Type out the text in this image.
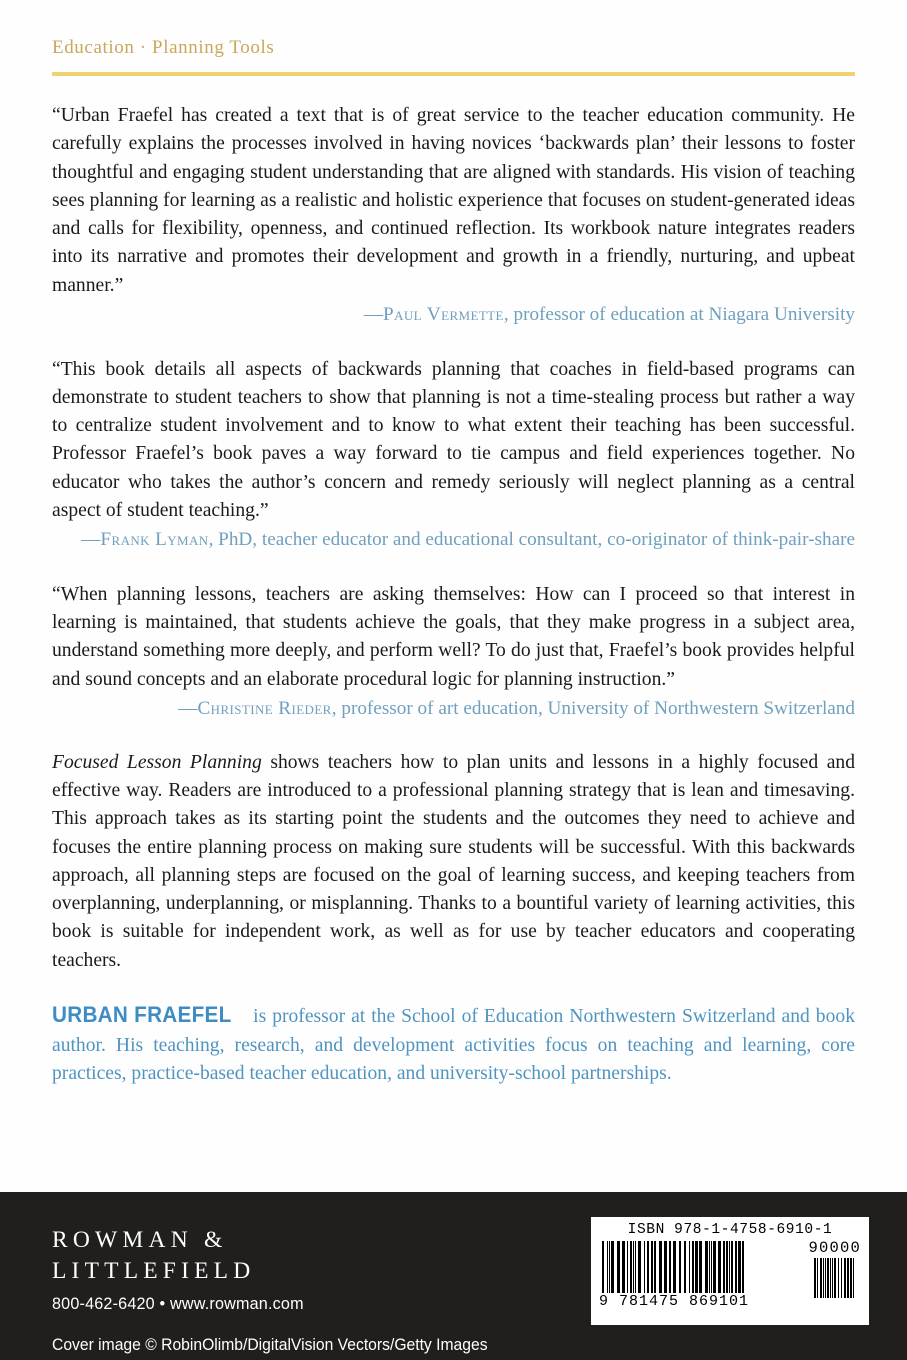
Education · Planning Tools

“Urban Fraefel has created a text that is of great service to the teacher education community. He carefully explains the processes involved in having novices ‘backwards plan’ their lessons to foster thoughtful and engaging student understanding that are aligned with standards. His vision of teaching sees planning for learning as a realistic and holistic experience that focuses on student-generated ideas and calls for flexibility, openness, and continued reflection. Its workbook nature integrates readers into its narrative and promotes their development and growth in a friendly, nurturing, and upbeat manner.”

—Paul Vermette, professor of education at Niagara University

“This book details all aspects of backwards planning that coaches in field-based programs can demonstrate to student teachers to show that planning is not a time-stealing process but rather a way to centralize student involvement and to know to what extent their teaching has been successful. Professor Fraefel’s book paves a way forward to tie campus and field experiences together. No educator who takes the author’s concern and remedy seriously will neglect planning as a central aspect of student teaching.”

—Frank Lyman, PhD, teacher educator and educational consultant, co-originator of think-pair-share

“When planning lessons, teachers are asking themselves: How can I proceed so that interest in learning is maintained, that students achieve the goals, that they make progress in a subject area, understand something more deeply, and perform well? To do just that, Fraefel’s book provides helpful and sound concepts and an elaborate procedural logic for planning instruction.”

—Christine Rieder, professor of art education, University of Northwestern Switzerland

Focused Lesson Planning shows teachers how to plan units and lessons in a highly focused and effective way. Readers are introduced to a professional planning strategy that is lean and timesaving. This approach takes as its starting point the students and the outcomes they need to achieve and focuses the entire planning process on making sure students will be successful. With this backwards approach, all planning steps are focused on the goal of learning success, and keeping teachers from overplanning, underplanning, or misplanning. Thanks to a bountiful variety of learning activities, this book is suitable for independent work, as well as for use by teacher educators and cooperating teachers.

URBAN FRAEFEL is professor at the School of Education Northwestern Switzerland and book author. His teaching, research, and development activities focus on teaching and learning, core practices, practice-based teacher education, and university-school partnerships.

ROWMAN &
LITTLEFIELD
800-462-6420 • www.rowman.com
Cover image © RobinOlimb/DigitalVision Vectors/Getty Images
ISBN 978-1-4758-6910-1
9 781475 869101
90000
